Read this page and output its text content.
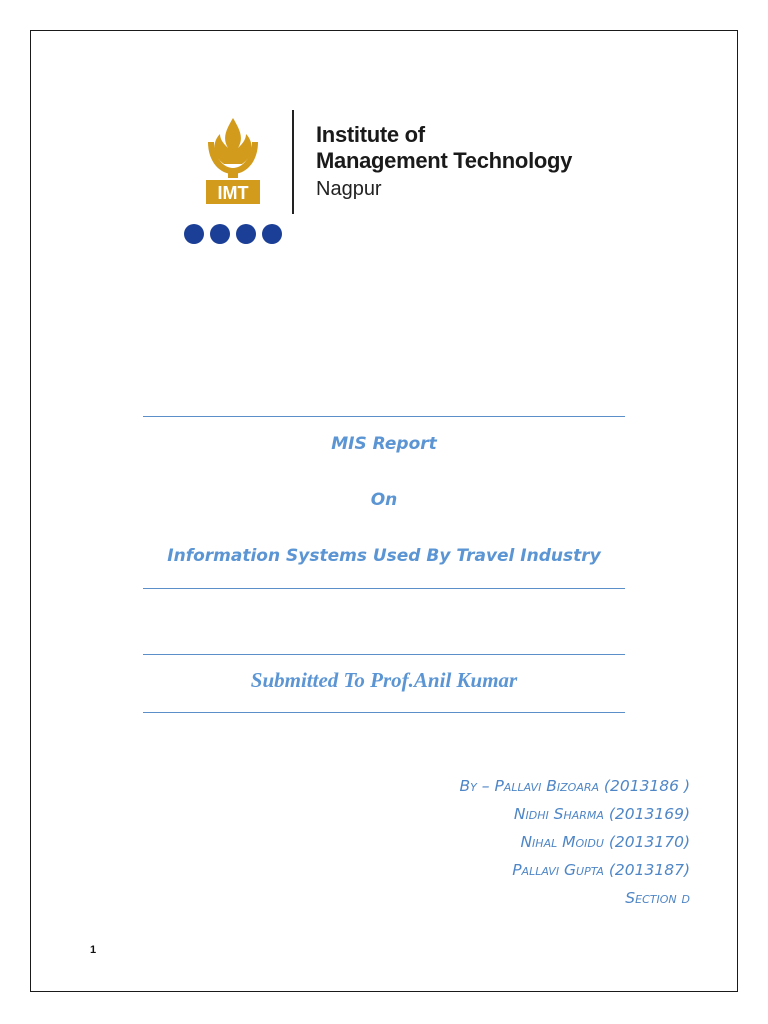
IMT
Institute of
Management Technology
Nagpur
MIS Report
On
Information Systems Used By Travel Industry
Submitted To Prof.Anil Kumar
By – Pallavi Bizoara (2013186 )
Nidhi Sharma (2013169)
Nihal Moidu (2013170)
Pallavi Gupta (2013187)
Section d
1
